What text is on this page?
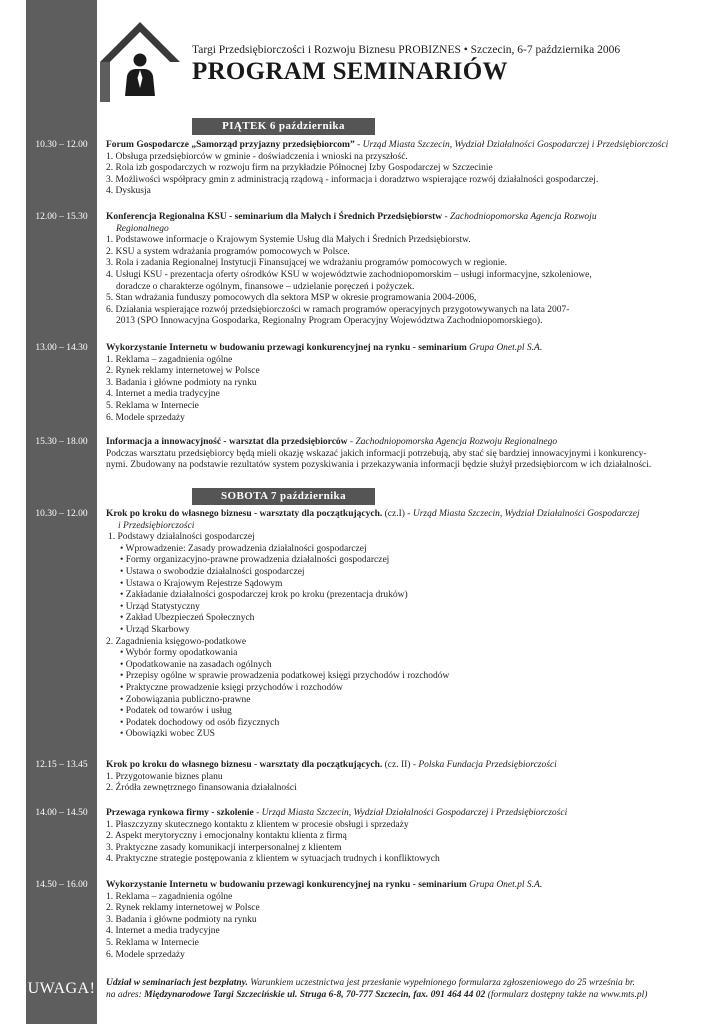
Targi Przedsiębiorczości i Rozwoju Biznesu PROBIZNES • Szczecin, 6-7 października 2006
PROGRAM SEMINARIÓW
PIĄTEK 6 października
10.30 – 12.00	Forum Gospodarcze „Samorząd przyjazny przedsiębiorcom” - Urząd Miasta Szczecin, Wydział Działalności Gospodarczej i Przedsiębiorczości
1. Obsługa przedsiębiorców w gminie - doświadczenia i wnioski na przyszłość.
2. Rola izb gospodarczych w rozwoju firm na przykładzie Północnej Izby Gospodarczej w Szczecinie
3. Możliwości współpracy gmin z administracją rządową - informacja i doradztwo wspierające rozwój działalności gospodarczej.
4. Dyskusja
12.00 – 15.30	Konferencja Regionalna KSU - seminarium dla Małych i Średnich Przedsiębiorstw - Zachodniopomorska Agencja Rozwoju
Regionalnego
1. Podstawowe informacje o Krajowym Systemie Usług dla Małych i Średnich Przedsiębiorstw.
2. KSU a system wdrażania programów pomocowych w Polsce.
3. Rola i zadania Regionalnej Instytucji Finansującej we wdrażaniu programów pomocowych w regionie.
4. Usługi KSU - prezentacja oferty ośrodków KSU w województwie zachodniopomorskim – usługi informacyjne, szkoleniowe,
doradcze o charakterze ogólnym, finansowe – udzielanie poręczeń i pożyczek.
5. Stan wdrażania funduszy pomocowych dla sektora MSP w okresie programowania 2004-2006,
6. Działania wspierające rozwój przedsiębiorczości w ramach programów operacyjnych przygotowywanych na lata 2007-
2013 (SPO Innowacyjna Gospodarka, Regionalny Program Operacyjny Województwa Zachodniopomorskiego).
13.00 – 14.30	Wykorzystanie Internetu w budowaniu przewagi konkurencyjnej na rynku - seminarium Grupa Onet.pl S.A.
1. Reklama – zagadnienia ogólne
2. Rynek reklamy internetowej w Polsce
3. Badania i główne podmioty na rynku
4. Internet a media tradycyjne
5. Reklama w Internecie
6. Modele sprzedaży
15.30 – 18.00	Informacja a innowacyjność - warsztat dla przedsiębiorców - Zachodniopomorska Agencja Rozwoju Regionalnego
Podczas warsztatu przedsiębiorcy będą mieli okazję wskazać jakich informacji potrzebują, aby stać się bardziej innowacyjnymi i konkurency-
nymi. Zbudowany na podstawie rezultatów system pozyskiwania i przekazywania informacji będzie służył przedsiębiorcom w ich działalności.
SOBOTA 7 października
10.30 – 12.00	Krok po kroku do własnego biznesu - warsztaty dla początkujących. (cz.I) - Urząd Miasta Szczecin, Wydział Działalności Gospodarczej
i Przedsiębiorczości
1. Podstawy działalności gospodarczej
• Wprowadzenie: Zasady prowadzenia działalności gospodarczej
• Formy organizacyjno-prawne prowadzenia działalności gospodarczej
• Ustawa o swobodzie działalności gospodarczej
• Ustawa o Krajowym Rejestrze Sądowym
• Zakładanie działalności gospodarczej krok po kroku (prezentacja druków)
• Urząd Statystyczny
• Zakład Ubezpieczeń Społecznych
• Urząd Skarbowy
2. Zagadnienia księgowo-podatkowe
• Wybór formy opodatkowania
• Opodatkowanie na zasadach ogólnych
• Przepisy ogólne w sprawie prowadzenia podatkowej księgi przychodów i rozchodów
• Praktyczne prowadzenie księgi przychodów i rozchodów
• Zobowiązania publiczno-prawne
• Podatek od towarów i usług
• Podatek dochodowy od osób fizycznych
• Obowiązki wobec ZUS
12.15 – 13.45	Krok po kroku do własnego biznesu - warsztaty dla początkujących. (cz. II) - Polska Fundacja Przedsiębiorczości
1. Przygotowanie biznes planu
2. Źródła zewnętrznego finansowania działalności
14.00 – 14.50	Przewaga rynkowa firmy - szkolenie - Urząd Miasta Szczecin, Wydział Działalności Gospodarczej i Przedsiębiorczości
1. Płaszczyzny skutecznego kontaktu z klientem w procesie obsługi i sprzedaży
2. Aspekt merytoryczny i emocjonalny kontaktu klienta z firmą
3. Praktyczne zasady komunikacji interpersonalnej z klientem
4. Praktyczne strategie postępowania z klientem w sytuacjach trudnych i konfliktowych
14.50 – 16.00	Wykorzystanie Internetu w budowaniu przewagi konkurencyjnej na rynku - seminarium Grupa Onet.pl S.A.
1. Reklama – zagadnienia ogólne
2. Rynek reklamy internetowej w Polsce
3. Badania i główne podmioty na rynku
4. Internet a media tradycyjne
5. Reklama w Internecie
6. Modele sprzedaży
UWAGA! Udział w seminariach jest bezpłatny. Warunkiem uczestnictwa jest przesłanie wypełnionego formularza zgłoszeniowego do 25 września br.
na adres: Międzynarodowe Targi Szczecińskie ul. Struga 6-8, 70-777 Szczecin, fax. 091 464 44 02 (formularz dostępny także na www.mts.pl)
